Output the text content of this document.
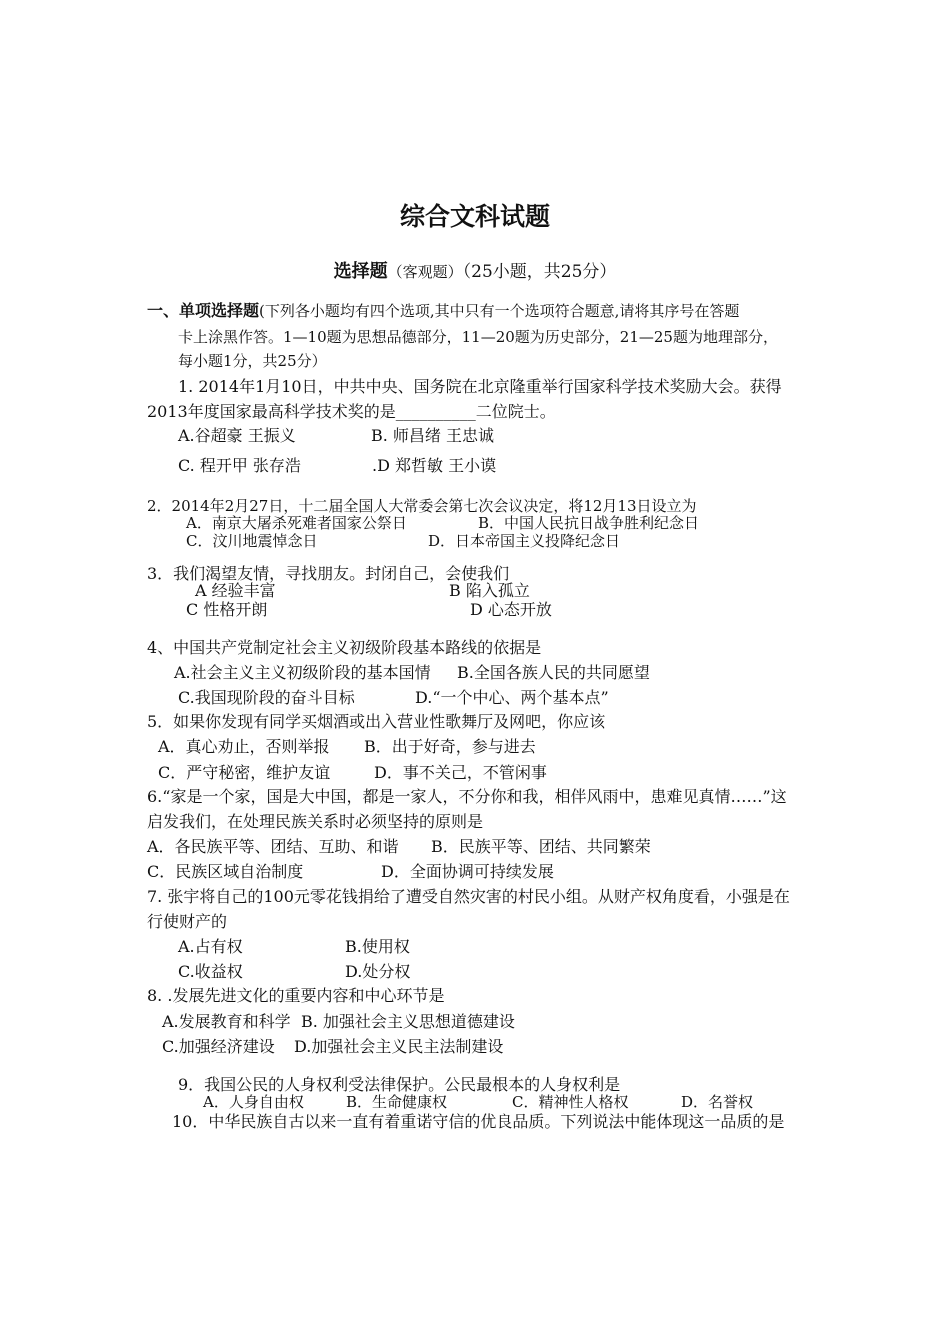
综合文科试题
选择题（客观题）（25小题，共25分）
一、单项选择题(下列各小题均有四个选项,其中只有一个选项符合题意,请将其序号在答题
卡上涂黑作答。1—10题为思想品德部分，11—20题为历史部分，21—25题为地理部分，
每小题1分，共25分）
1. 2014年1月10日，中共中央、国务院在北京隆重举行国家科学技术奖励大会。获得
2013年度国家最高科学技术奖的是__________二位院士。
A.谷超豪 王振义	B. 师昌绪 王忠诚
C. 程开甲 张存浩	.D 郑哲敏 王小谟
2．2014年2月27日，十二届全国人大常委会第七次会议决定，将12月13日设立为
A．南京大屠杀死难者国家公祭日	B．中国人民抗日战争胜利纪念日
C．汶川地震悼念日	D．日本帝国主义投降纪念日
3．我们渴望友情，寻找朋友。封闭自己，会使我们
A 经验丰富	B 陷入孤立
C 性格开朗	D 心态开放
4、中国共产党制定社会主义初级阶段基本路线的依据是
A.社会主义主义初级阶段的基本国情 B.全国各族人民的共同愿望
C.我国现阶段的奋斗目标	D.“一个中心、两个基本点”
5．如果你发现有同学买烟酒或出入营业性歌舞厅及网吧，你应该
A．真心劝止，否则举报 B．出于好奇，参与进去
C．严守秘密，维护友谊	D．事不关己，不管闲事
6.“家是一个家，国是大中国，都是一家人，不分你和我，相伴风雨中，患难见真情……”这
启发我们，在处理民族关系时必须坚持的原则是
A．各民族平等、团结、互助、和谐 B．民族平等、团结、共同繁荣
C．民族区域自治制度	D．全面协调可持续发展
7. 张宇将自己的100元零花钱捐给了遭受自然灾害的村民小组。从财产权角度看，小强是在
行使财产的
A.占有权	B.使用权
C.收益权	D.处分权
8. .发展先进文化的重要内容和中心环节是
A.发展教育和科学 B. 加强社会主义思想道德建设
C.加强经济建设 D.加强社会主义民主法制建设
9．我国公民的人身权利受法律保护。公民最根本的人身权利是
A．人身自由权	B．生命健康权	C．精神性人格权	D．名誉权
10．中华民族自古以来一直有着重诺守信的优良品质。下列说法中能体现这一品质的是
